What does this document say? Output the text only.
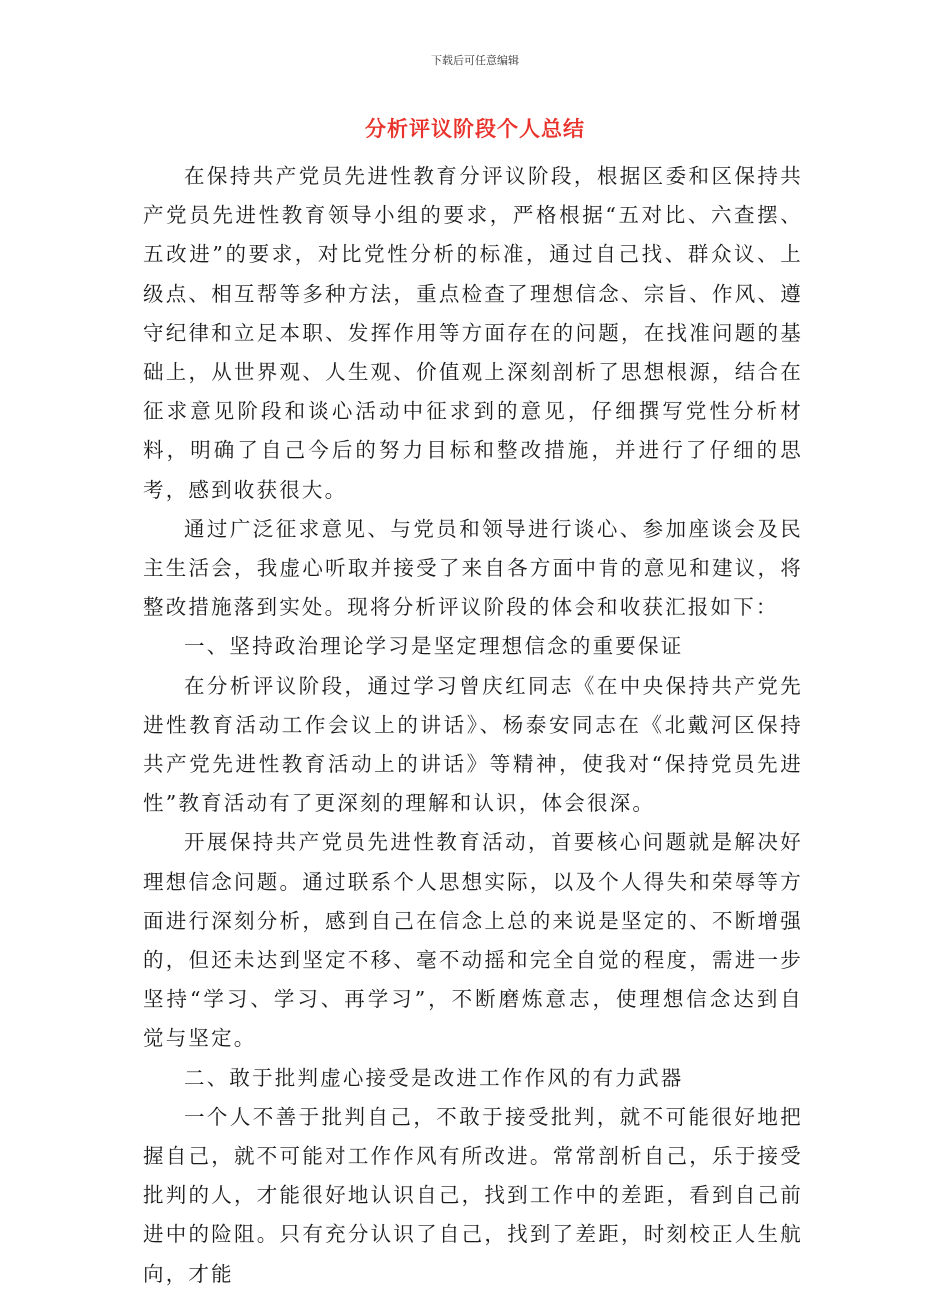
下载后可任意编辑
分析评议阶段个人总结

在保持共产党员先进性教育分评议阶段，根据区委和区保持共产党员先进性教育领导小组的要求，严格根据“五对比、六查摆、五改进”的要求，对比党性分析的标准，通过自己找、群众议、上级点、相互帮等多种方法，重点检查了理想信念、宗旨、作风、遵守纪律和立足本职、发挥作用等方面存在的问题，在找准问题的基础上，从世界观、人生观、价值观上深刻剖析了思想根源，结合在征求意见阶段和谈心活动中征求到的意见，仔细撰写党性分析材料，明确了自己今后的努力目标和整改措施，并进行了仔细的思考，感到收获很大。

通过广泛征求意见、与党员和领导进行谈心、参加座谈会及民主生活会，我虚心听取并接受了来自各方面中肯的意见和建议，将整改措施落到实处。现将分析评议阶段的体会和收获汇报如下：

一、坚持政治理论学习是坚定理想信念的重要保证

在分析评议阶段，通过学习曾庆红同志《在中央保持共产党先进性教育活动工作会议上的讲话》、杨泰安同志在《北戴河区保持共产党先进性教育活动上的讲话》等精神，使我对“保持党员先进性”教育活动有了更深刻的理解和认识，体会很深。

开展保持共产党员先进性教育活动，首要核心问题就是解决好理想信念问题。通过联系个人思想实际，以及个人得失和荣辱等方面进行深刻分析，感到自己在信念上总的来说是坚定的、不断增强的，但还未达到坚定不移、毫不动摇和完全自觉的程度，需进一步坚持“学习、学习、再学习”，不断磨炼意志，使理想信念达到自觉与坚定。

二、敢于批判虚心接受是改进工作作风的有力武器

一个人不善于批判自己，不敢于接受批判，就不可能很好地把握自己，就不可能对工作作风有所改进。常常剖析自己，乐于接受批判的人，才能很好地认识自己，找到工作中的差距，看到自己前进中的险阻。只有充分认识了自己，找到了差距，时刻校正人生航向，才能
